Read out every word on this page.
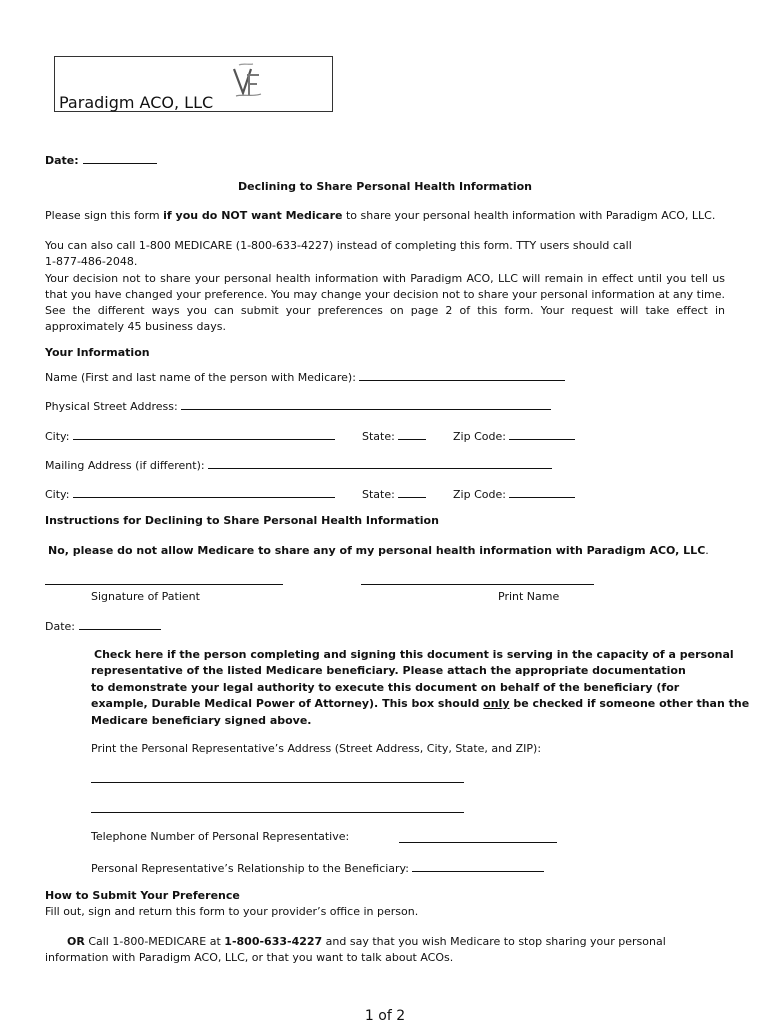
Paradigm ACO, LLC
Date:
Declining to Share Personal Health Information
Please sign this form if you do NOT want Medicare to share your personal health information with Paradigm ACO, LLC.
You can also call 1-800 MEDICARE (1-800-633-4227) instead of completing this form. TTY users should call
1-877-486-2048.
Your decision not to share your personal health information with Paradigm ACO, LLC will remain in effect until you tell us that you have changed your preference. You may change your decision not to share your personal information at any time. See the different ways you can submit your preferences on page 2 of this form. Your request will take effect in approximately 45 business days.
Your Information
Name (First and last name of the person with Medicare):
Physical Street Address:
City:	State:	Zip Code:
Mailing Address (if different):
City:	State:	Zip Code:
Instructions for Declining to Share Personal Health Information
No, please do not allow Medicare to share any of my personal health information with Paradigm ACO, LLC.
Signature of Patient	Print Name
Date:
Check here if the person completing and signing this document is serving in the capacity of a personal
representative of the listed Medicare beneficiary. Please attach the appropriate documentation
to demonstrate your legal authority to execute this document on behalf of the beneficiary (for
example, Durable Medical Power of Attorney). This box should only be checked if someone other than the
Medicare beneficiary signed above.
Print the Personal Representative’s Address (Street Address, City, State, and ZIP):
Telephone Number of Personal Representative:
Personal Representative’s Relationship to the Beneficiary:
How to Submit Your Preference
Fill out, sign and return this form to your provider’s office in person.
OR Call 1-800-MEDICARE at 1-800-633-4227 and say that you wish Medicare to stop sharing your personal
information with Paradigm ACO, LLC, or that you want to talk about ACOs.
1 of 2
